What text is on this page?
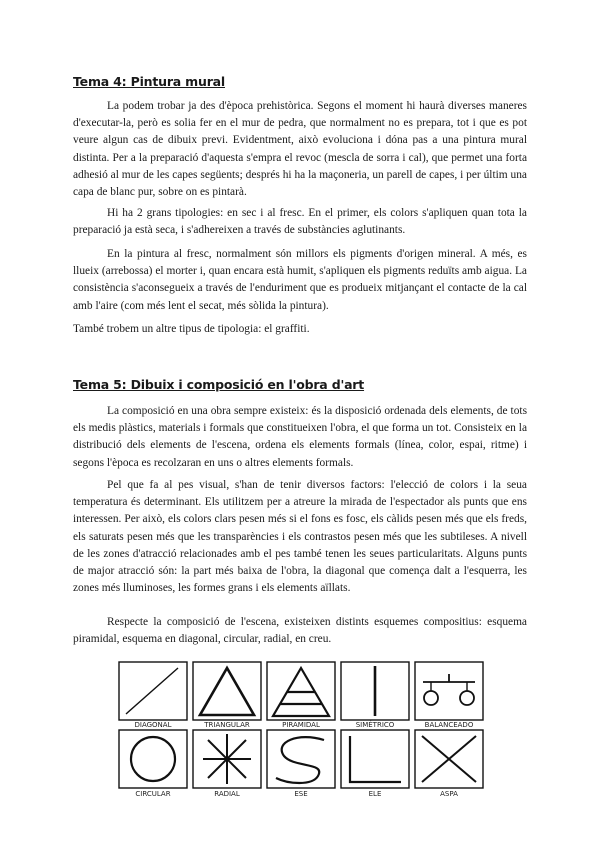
Tema 4: Pintura mural

La podem trobar ja des d'època prehistòrica. Segons el moment hi haurà diverses maneres d'executar-la, però es solia fer en el mur de pedra, que normalment no es prepara, tot i que es pot veure algun cas de dibuix previ. Evidentment, això evoluciona i dóna pas a una pintura mural distinta. Per a la preparació d'aquesta s'empra el revoc (mescla de sorra i cal), que permet una forta adhesió al mur de les capes següents; després hi ha la maçoneria, un parell de capes, i per últim una capa de blanc pur, sobre on es pintarà.

Hi ha 2 grans tipologies: en sec i al fresc. En el primer, els colors s'apliquen quan tota la preparació ja està seca, i s'adhereixen a través de substàncies aglutinants.

En la pintura al fresc, normalment són millors els pigments d'origen mineral. A més, es llueix (arrebossa) el morter i, quan encara està humit, s'apliquen els pigments reduïts amb aigua. La consistència s'aconsegueix a través de l'enduriment que es produeix mitjançant el contacte de la cal amb l'aire (com més lent el secat, més sòlida la pintura).

També trobem un altre tipus de tipologia: el graffiti.

Tema 5: Dibuix i composició en l'obra d'art

La composició en una obra sempre existeix: és la disposició ordenada dels elements, de tots els medis plàstics, materials i formals que constitueixen l'obra, el que forma un tot. Consisteix en la distribució dels elements de l'escena, ordena els elements formals (línea, color, espai, ritme) i segons l'època es recolzaran en uns o altres elements formals.

Pel que fa al pes visual, s'han de tenir diversos factors: l'elecció de colors i la seua temperatura és determinant. Els utilitzem per a atreure la mirada de l'espectador als punts que ens interessen. Per això, els colors clars pesen més si el fons es fosc, els càlids pesen més que els freds, els saturats pesen més que les transparències i els contrastos pesen més que les subtileses. A nivell de les zones d'atracció relacionades amb el pes també tenen les seues particularitats. Alguns punts de major atracció són: la part més baixa de l'obra, la diagonal que comença dalt a l'esquerra, les zones més lluminoses, les formes grans i els elements aïllats.

Respecte la composició de l'escena, existeixen distints esquemes compositius: esquema piramidal, esquema en diagonal, circular, radial, en creu.

DIAGONAL	TRIANGULAR	PIRAMIDAL	SIMÉTRICO	BALANCEADO
CIRCULAR	RADIAL	ESE	ELE	ASPA
